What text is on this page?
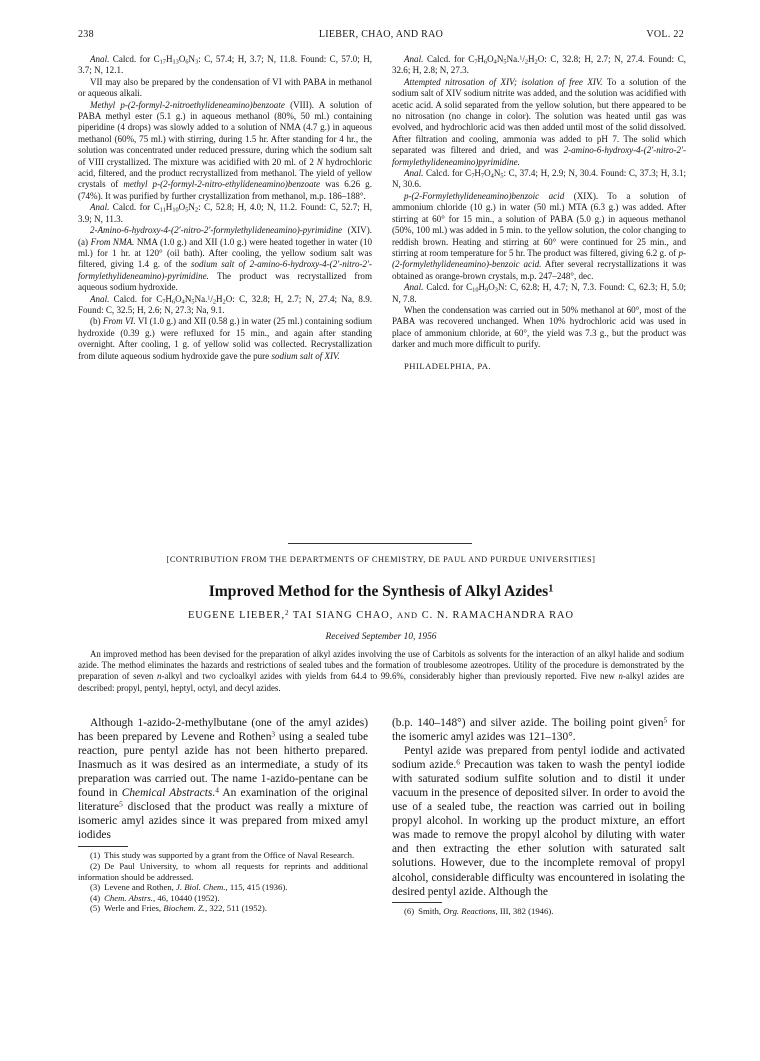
238	LIEBER, CHAO, AND RAO	VOL. 22

Anal. Calcd. for $C_{17}H_{13}O_6N_3$: C, 57.4; H, 3.7; N, 11.8. Found: C, 57.0; H, 3.7; N, 12.1.

VII may also be prepared by the condensation of VI with PABA in methanol or aqueous alkali.

Methyl p-(2-formyl-2-nitroethylideneamino)benzoate (VIII). A solution of PABA methyl ester (5.1 g.) in aqueous methanol (80%, 50 ml.) containing piperidine (4 drops) was slowly added to a solution of NMA (4.7 g.) in aqueous methanol (60%, 75 ml.) with stirring, during 1.5 hr. After standing for 4 hr., the solution was concentrated under reduced pressure, during which the sodium salt of VIII crystallized. The mixture was acidified with 20 ml. of 2 N hydrochloric acid, filtered, and the product recrystallized from methanol. The yield of yellow crystals of methyl p-(2-formyl-2-nitro-ethylideneamino)benzoate was 6.26 g. (74%). It was purified by further crystallization from methanol, m.p. 186–188°.

Anal. Calcd. for $C_{11}H_{10}O_5N_2$: C, 52.8; H, 4.0; N, 11.2. Found: C, 52.7; H, 3.9; N, 11.3.

2-Amino-6-hydroxy-4-(2′-nitro-2′-formylethylideneamino)-pyrimidine (XIV). (a) From NMA. NMA (1.0 g.) and XII (1.0 g.) were heated together in water (10 ml.) for 1 hr. at 120° (oil bath). After cooling, the yellow sodium salt was filtered, giving 1.4 g. of the sodium salt of 2-amino-6-hydroxy-4-(2′-nitro-2′-formylethylideneamino)-pyrimidine. The product was recrystallized from aqueous sodium hydroxide.

Anal. Calcd. for $C_7H_6O_4N_5Na.^1/_2H_2O$: C, 32.8; H, 2.7; N, 27.4; Na, 8.9. Found: C, 32.5; H, 2.6; N, 27.3; Na, 9.1.

(b) From VI. VI (1.0 g.) and XII (0.58 g.) in water (25 ml.) containing sodium hydroxide (0.39 g.) were refluxed for 15 min., and again after standing overnight. After cooling, 1 g. of yellow solid was collected. Recrystallization from dilute aqueous sodium hydroxide gave the pure sodium salt of XIV.

Anal. Calcd. for $C_7H_6O_4N_5Na.^1/_2H_2O$: C, 32.8; H, 2.7; N, 27.4. Found: C, 32.6; H, 2.8; N, 27.3.

Attempted nitrosation of XIV; isolation of free XIV. To a solution of the sodium salt of XIV sodium nitrite was added, and the solution was acidified with acetic acid. A solid separated from the yellow solution, but there appeared to be no nitrosation (no change in color). The solution was heated until gas was evolved, and hydrochloric acid was then added until most of the solid dissolved. After filtration and cooling, ammonia was added to pH 7. The solid which separated was filtered and dried, and was 2-amino-6-hydroxy-4-(2′-nitro-2′-formylethylideneamino)pyrimidine.

Anal. Calcd. for $C_7H_7O_4N_5$: C, 37.4; H, 2.9; N, 30.4. Found: C, 37.3; H, 3.1; N, 30.6.

p-(2-Formylethylideneamino)benzoic acid (XIX). To a solution of ammonium chloride (10 g.) in water (50 ml.) MTA (6.3 g.) was added. After stirring at 60° for 15 min., a solution of PABA (5.0 g.) in aqueous methanol (50%, 100 ml.) was added in 5 min. to the yellow solution, the color changing to reddish brown. Heating and stirring at 60° were continued for 25 min., and stirring at room temperature for 5 hr. The product was filtered, giving 6.2 g. of p-(2-formylethylideneamino)-benzoic acid. After several recrystallizations it was obtained as orange-brown crystals, m.p. 247–248°, dec.

Anal. Calcd. for $C_{10}H_9O_3N$: C, 62.8; H, 4.7; N, 7.3. Found: C, 62.3; H, 5.0; N, 7.8.

When the condensation was carried out in 50% methanol at 60°, most of the PABA was recovered unchanged. When 10% hydrochloric acid was used in place of ammonium chloride, at 60°, the yield was 7.3 g., but the product was darker and much more difficult to purify.

PHILADELPHIA, PA.

[CONTRIBUTION FROM THE DEPARTMENTS OF CHEMISTRY, DE PAUL AND PURDUE UNIVERSITIES]
Improved Method for the Synthesis of Alkyl Azides$^1$
EUGENE LIEBER,$^2$ TAI SIANG CHAO, AND C. N. RAMACHANDRA RAO
Received September 10, 1956
An improved method has been devised for the preparation of alkyl azides involving the use of Carbitols as solvents for the interaction of an alkyl halide and sodium azide. The method eliminates the hazards and restrictions of sealed tubes and the formation of troublesome azeotropes. Utility of the procedure is demonstrated by the preparation of seven n-alkyl and two cycloalkyl azides with yields from 64.4 to 99.6%, considerably higher than previously reported. Five new n-alkyl azides are described: propyl, pentyl, heptyl, octyl, and decyl azides.

Although 1-azido-2-methylbutane (one of the amyl azides) has been prepared by Levene and Rothen$^3$ using a sealed tube reaction, pure pentyl azide has not been hitherto prepared. Inasmuch as it was desired as an intermediate, a study of its preparation was carried out. The name 1-azido-pentane can be found in Chemical Abstracts.$^4$ An examination of the original literature$^5$ disclosed that the product was really a mixture of isomeric amyl azides since it was prepared from mixed amyl iodides

(1) This study was supported by a grant from the Office of Naval Research.

(2) De Paul University, to whom all requests for reprints and additional information should be addressed.

(3) Levene and Rothen, J. Biol. Chem., 115, 415 (1936).

(4) Chem. Abstrs., 46, 10440 (1952).

(5) Werle and Fries, Biochem. Z., 322, 511 (1952).

(b.p. 140–148°) and silver azide. The boiling point given$^5$ for the isomeric amyl azides was 121–130°.

Pentyl azide was prepared from pentyl iodide and activated sodium azide.$^6$ Precaution was taken to wash the pentyl iodide with saturated sodium sulfite solution and to distil it under vacuum in the presence of deposited silver. In order to avoid the use of a sealed tube, the reaction was carried out in boiling propyl alcohol. In working up the product mixture, an effort was made to remove the propyl alcohol by diluting with water and then extracting the ether solution with saturated salt solutions. However, due to the incomplete removal of propyl alcohol, considerable difficulty was encountered in isolating the desired pentyl azide. Although the

(6) Smith, Org. Reactions, III, 382 (1946).
